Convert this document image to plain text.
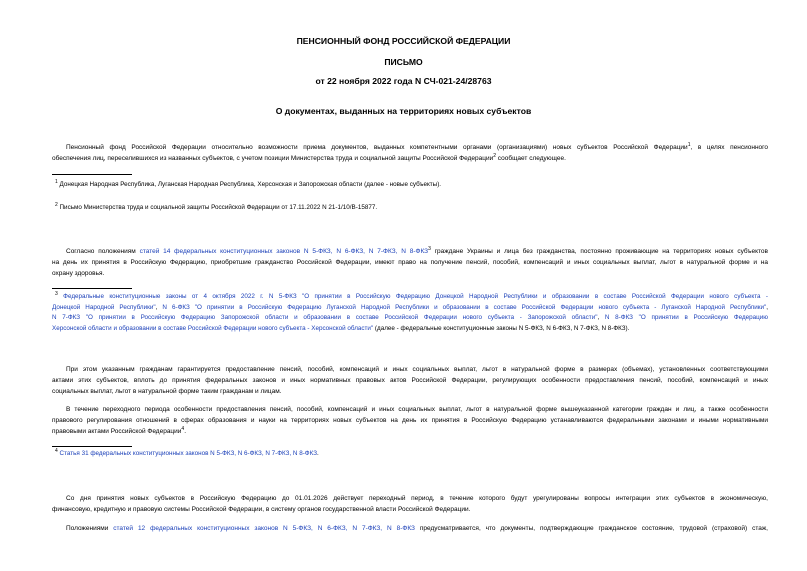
ПЕНСИОННЫЙ ФОНД РОССИЙСКОЙ ФЕДЕРАЦИИ
ПИСЬМО
от 22 ноября 2022 года N СЧ-021-24/28763
О документах, выданных на территориях новых субъектов
Пенсионный фонд Российской Федерации относительно возможности приема документов, выданных компетентными органами (организациями) новых субъектов Российской Федерации$^1$, в целях пенсионного
обеспечения лиц, переселившихся из названных субъектов, с учетом позиции Министерства труда и социальной защиты Российской Федерации$^2$ сообщает следующее.
$^1$ Донецкая Народная Республика, Луганская Народная Республика, Херсонская и Запорожская области (далее - новые субъекты).
$^2$ Письмо Министерства труда и социальной защиты Российской Федерации от 17.11.2022 N 21-1/10/В-15877.
Согласно положениям статей 14 федеральных конституционных законов N 5-ФКЗ, N 6-ФКЗ, N 7-ФКЗ, N 8-ФКЗ$^3$ граждане Украины и лица без гражданства, постоянно проживающие на территориях новых субъектов
на день их принятия в Российскую Федерацию, приобретшие гражданство Российской Федерации, имеют право на получение пенсий, пособий, компенсаций и иных социальных выплат, льгот в натуральной форме и на
охрану здоровья.
$^3$ Федеральные конституционные законы от 4 октября 2022 г. N 5-ФКЗ "О принятии в Российскую Федерацию Донецкой Народной Республики и образовании в составе Российской Федерации нового субъекта -
Донецкой Народной Республики", N 6-ФКЗ "О принятии в Российскую Федерацию Луганской Народной Республики и образовании в составе Российской Федерации нового субъекта - Луганской Народной Республики",
N 7-ФКЗ "О принятии в Российскую Федерацию Запорожской области и образовании в составе Российской Федерации нового субъекта - Запорожской области", N 8-ФКЗ "О принятии в Российскую Федерацию
Херсонской области и образовании в составе Российской Федерации нового субъекта - Херсонской области" (далее - федеральные конституционные законы N 5-ФКЗ, N 6-ФКЗ, N 7-ФКЗ, N 8-ФКЗ).
При этом указанным гражданам гарантируется предоставление пенсий, пособий, компенсаций и иных социальных выплат, льгот в натуральной форме в размерах (объемах), установленных соответствующими
актами этих субъектов, вплоть до принятия федеральных законов и иных нормативных правовых актов Российской Федерации, регулирующих особенности предоставления пенсий, пособий, компенсаций и иных
социальных выплат, льгот в натуральной форме таким гражданам и лицам.
В течение переходного периода особенности предоставления пенсий, пособий, компенсаций и иных социальных выплат, льгот в натуральной форме вышеуказанной категории граждан и лиц, а также особенности
правового регулирования отношений в сферах образования и науки на территориях новых субъектов на день их принятия в Российскую Федерацию устанавливаются федеральными законами и иными нормативными
правовыми актами Российской Федерации$^4$.
$^4$ Статья 31 федеральных конституционных законов N 5-ФКЗ, N 6-ФКЗ, N 7-ФКЗ, N 8-ФКЗ.
Со дня принятия новых субъектов в Российскую Федерацию до 01.01.2026 действует переходный период, в течение которого будут урегулированы вопросы интеграции этих субъектов в экономическую,
финансовую, кредитную и правовую системы Российской Федерации, в систему органов государственной власти Российской Федерации.
Положениями статей 12 федеральных конституционных законов N 5-ФКЗ, N 6-ФКЗ, N 7-ФКЗ, N 8-ФКЗ предусматривается, что документы, подтверждающие гражданское состояние, трудовой (страховой) стаж,
